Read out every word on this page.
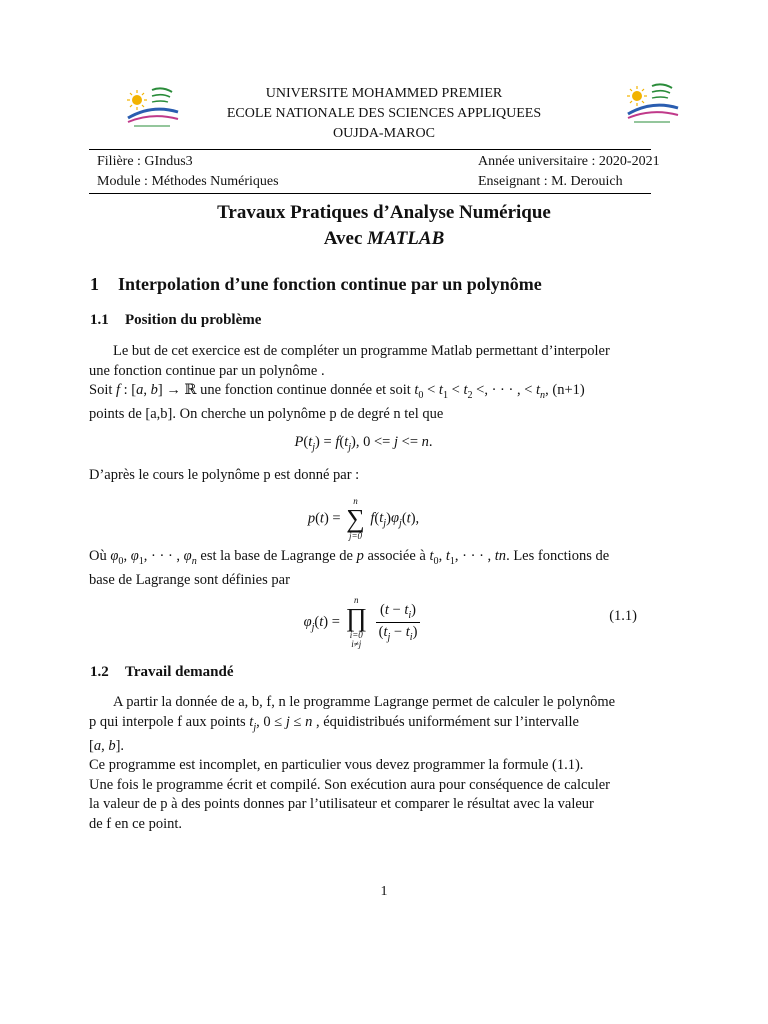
UNIVERSITE MOHAMMED PREMIER
ECOLE NATIONALE DES SCIENCES APPLIQUEES
OUJDA-MAROC
Filière : GIndus3	Année universitaire : 2020-2021
Module : Méthodes Numériques	Enseignant : M. Derouich
Travaux Pratiques d’Analyse Numérique
Avec MATLAB
1 Interpolation d’une fonction continue par un polynôme
1.1 Position du problème
Le but de cet exercice est de compléter un programme Matlab permettant d’interpoler
une fonction continue par un polynôme .
Soit f : [a, b] → ℝ une fonction continue donnée et soit $t_0 < t_1 < t_2$ <, · · · , < $t_n$, (n+1)
points de [a,b]. On cherche un polynôme p de degré n tel que
$P(t_j) = f(t_j)$, 0 <= j <= n.
D’après le cours le polynôme p est donné par :
p(t) =
n
∑
j=0
$f(t_j)\varphi_j(t)$,
Où $\varphi_0$, $\varphi_1$, · · · , $\varphi_n$ est la base de Lagrange de p associée à $t_0$, $t_1$, · · · , tn. Les fonctions de
base de Lagrange sont définies par
$\varphi_j(t)$ =
n
∏
i=0
i≠j

$\frac{(t - t_i)}{(t_j - t_i)}$	(1.1)
1.2 Travail demandé
A partir la donnée de a, b, f, n le programme Lagrange permet de calculer le polynôme
p qui interpole f aux points $t_j$, 0 ≤ j ≤ n , équidistribués uniformément sur l’intervalle
[a, b].
Ce programme est incomplet, en particulier vous devez programmer la formule (1.1).
Une fois le programme écrit et compilé. Son exécution aura pour conséquence de calculer
la valeur de p à des points donnes par l’utilisateur et comparer le résultat avec la valeur
de f en ce point.
1
